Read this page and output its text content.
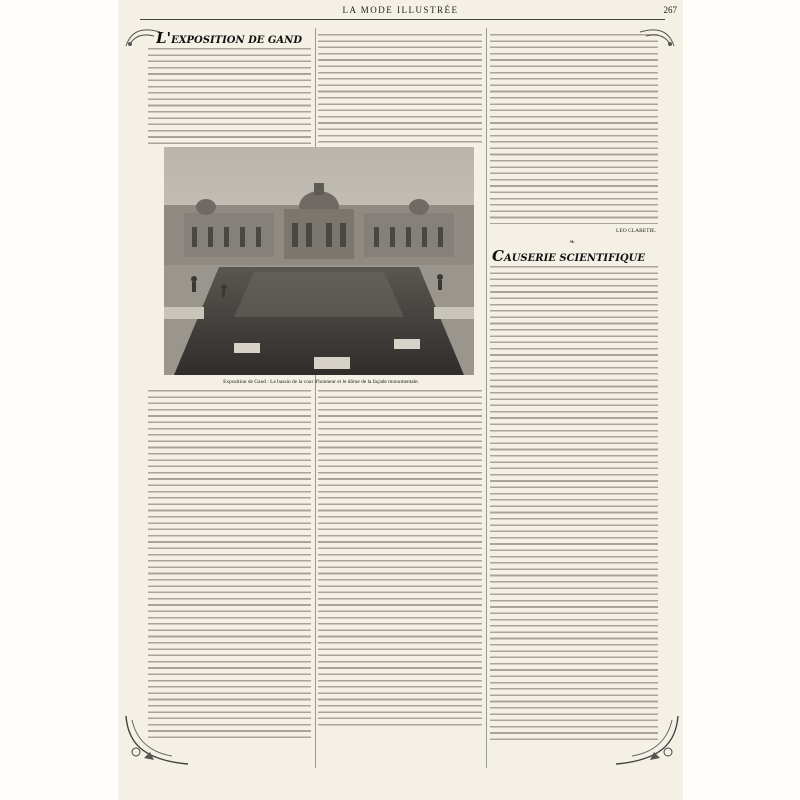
LA MODE ILLUSTRÉE	267
L'EXPOSITION DE GAND
Exposition de Gand : Le bassin de la cour d'honneur et le dôme de la façade monumentale.
LEO CLARETIE.
❧
CAUSERIE SCIENTIFIQUE
